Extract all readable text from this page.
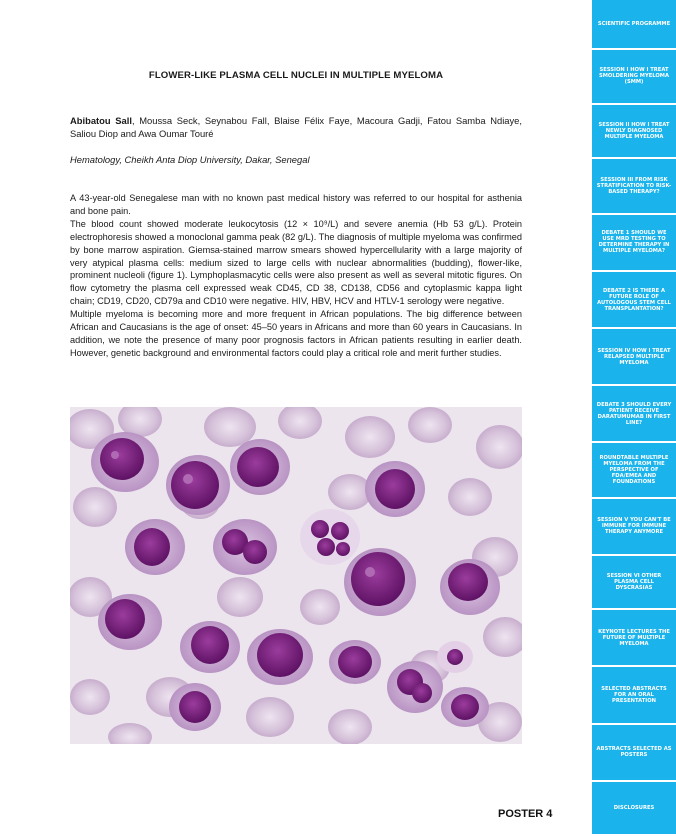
FLOWER-LIKE PLASMA CELL NUCLEI IN MULTIPLE MYELOMA
Abibatou Sall, Moussa Seck, Seynabou Fall, Blaise Félix Faye, Macoura Gadji, Fatou Samba Ndiaye, Saliou Diop and Awa Oumar Touré
Hematology, Cheikh Anta Diop University, Dakar, Senegal

A 43-year-old Senegalese man with no known past medical history was referred to our hospital for asthenia and bone pain.

The blood count showed moderate leukocytosis (12 × 10⁹/L) and severe anemia (Hb 53 g/L). Protein electrophoresis showed a monoclonal gamma peak (82 g/L). The diagnosis of multiple myeloma was confirmed by bone marrow aspiration. Giemsa-stained marrow smears showed hypercellularity with a large majority of very atypical plasma cells: medium sized to large cells with nuclear abnormalities (budding), flower-like, prominent nucleoli (figure 1). Lymphoplasmacytic cells were also present as well as several mitotic figures. On flow cytometry the plasma cell expressed weak CD45, CD 38, CD138, CD56 and cytoplasmic kappa light chain; CD19, CD20, CD79a and CD10 were negative. HIV, HBV, HCV and HTLV-1 serology were negative.

Multiple myeloma is becoming more and more frequent in African populations. The big difference between African and Caucasians is the age of onset: 45–50 years in Africans and more than 60 years in Caucasians. In addition, we note the presence of many poor prognosis factors in African patients resulting in earlier death. However, genetic background and environmental factors could play a critical role and merit further studies.

POSTER 4
SCIENTIFIC PROGRAMME
SESSION I HOW I TREAT SMOLDERING MYELOMA (SMM)
SESSION II HOW I TREAT NEWLY DIAGNOSED MULTIPLE MYELOMA
SESSION III FROM RISK STRATIFICATION TO RISK-BASED THERAPY?
DEBATE 1 SHOULD WE USE MRD TESTING TO DETERMINE THERAPY IN MULTIPLE MYELOMA?
DEBATE 2 IS THERE A FUTURE ROLE OF AUTOLOGOUS STEM CELL TRANSPLANTATION?
SESSION IV HOW I TREAT RELAPSED MULTIPLE MYELOMA
DEBATE 3 SHOULD EVERY PATIENT RECEIVE DARATUMUMAB IN FIRST LINE?
ROUNDTABLE MULTIPLE MYELOMA FROM THE PERSPECTIVE OF FDA/EMEA AND FOUNDATIONS
SESSION V YOU CAN'T BE IMMUNE FOR IMMUNE THERAPY ANYMORE
SESSION VI OTHER PLASMA CELL DYSCRASIAS
KEYNOTE LECTURES THE FUTURE OF MULTIPLE MYELOMA
SELECTED ABSTRACTS FOR AN ORAL PRESENTATION
ABSTRACTS SELECTED AS POSTERS
DISCLOSURES
